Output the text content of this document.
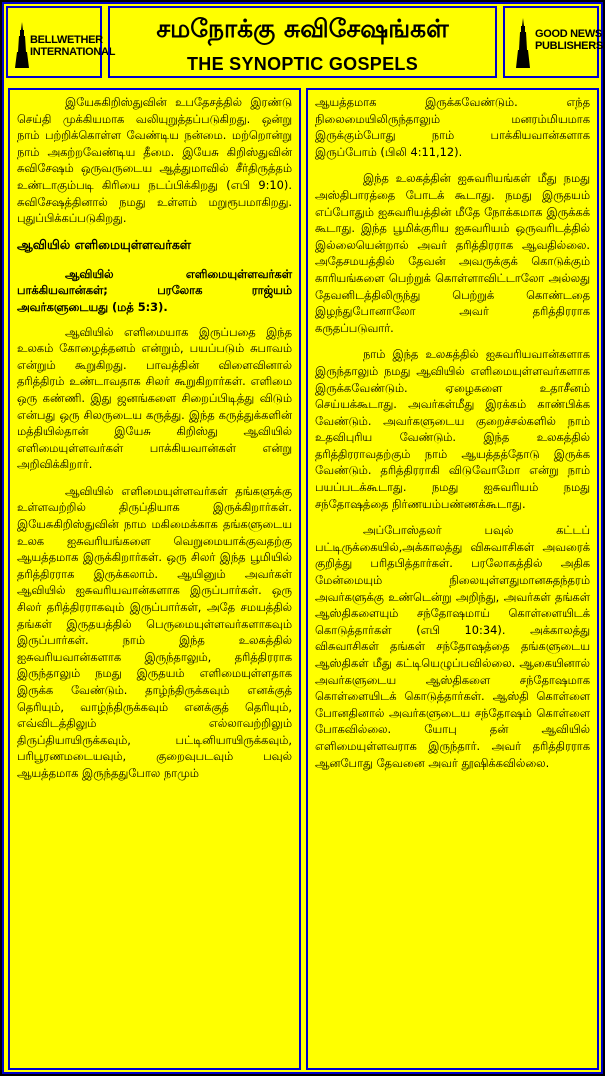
BELLWETHER INTERNATIONAL
சமநோக்கு சுவிசேஷங்கள்
THE SYNOPTIC GOSPELS
GOOD NEWS PUBLISHERS

இயேசுகிறிஸ்துவின் உபதேசத்தில் இரண்டு செய்தி முக்கியமாக வலியுறுத்தப்படுகிறது. ஒன்று நாம் பற்றிக்கொள்ள வேண்டிய நன்மை. மற்றொன்று நாம் அகற்றவேண்டிய தீமை. இயேசு கிறிஸ்துவின் சுவிசேஷம் ஒருவருடைய ஆத்துமாவில் சீர்திருத்தம் உண்டாகும்படி கிரியை நடப்பிக்கிறது (எபி 9:10). சுவிசேஷத்தினால் நமது உள்ளம் மறுரூபமாகிறது. புதுப்பிக்கப்படுகிறது.

ஆவியில் எளிமையுள்ளவர்கள்
ஆவியில் எளிமையுள்ளவர்கள் பாக்கியவான்கள்; பரலோக ராஜ்யம் அவர்களுடையது (மத் 5:3).

ஆவியில் எளிமையாக இருப்பதை இந்த உலகம் கோழைத்தனம் என்றும், பயப்படும் சுபாவம் என்றும் கூறுகிறது. பாவத்தின் விளைவினால் தரித்திரம் உண்டாவதாக சிலர் கூறுகிறார்கள். எளிமை ஒரு கண்ணி. இது ஜனங்களை சிறைப்பிடித்து விடும் என்பது ஒரு சிலருடைய கருத்து. இந்த கருத்துக்களின் மத்தியில்தான் இயேசு கிறிஸ்து ஆவியில் எளிமையுள்ளவர்கள் பாக்கியவான்கள் என்று அறிவிக்கிறார்.

ஆவியில் எளிமையுள்ளவர்கள் தங்களுக்கு உள்ளவற்றில் திருப்தியாக இருக்கிறார்கள். இயேசுகிறிஸ்துவின் நாம மகிமைக்காக தங்களுடைய உலக ஐசுவரியங்களை வெறுமையாக்குவதற்கு ஆயத்தமாக இருக்கிறார்கள். ஒரு சிலர் இந்த பூமியில் தரித்திரராக இருக்கலாம். ஆயினும் அவர்கள் ஆவியில் ஐசுவரியவான்களாக இருப்பார்கள். ஒரு சிலர் தரித்திரராகவும் இருப்பார்கள், அதே சமயத்தில் தங்கள் இருதயத்தில் பெருமையுள்ளவர்களாகவும் இருப்பார்கள். நாம் இந்த உலகத்தில் ஐசுவரியவான்களாக இருந்தாலும், தரித்திரராக இருந்தாலும் நமது இருதயம் எளிமையுள்ளதாக இருக்க வேண்டும். தாழ்ந்திருக்கவும் எனக்குத் தெரியும், வாழ்ந்திருக்கவும் எனக்குத் தெரியும், எவ்விடத்திலும் எல்லாவற்றிலும் திருப்தியாயிருக்கவும், பட்டினியாயிருக்கவும், பரிபூரணமடையவும், குறைவுபடவும் பவுல் ஆயத்தமாக இருந்ததுபோல நாமும்

ஆயத்தமாக இருக்கவேண்டும். எந்த நிலைமையிலிருந்தாலும் மனரம்மியமாக இருக்கும்போது நாம் பாக்கியவான்களாக இருப்போம் (பிலி 4:11,12).

இந்த உலகத்தின் ஐசுவரியங்கள் மீது நமது அஸ்திபாரத்தை போடக் கூடாது. நமது இருதயம் எப்போதும் ஐசுவரியத்தின் மீதே நோக்கமாக இருக்கக் கூடாது. இந்த பூமிக்குரிய ஐசுவரியம் ஒருவரிடத்தில் இல்லையென்றால் அவர் தரித்திரராக ஆவதில்லை. அதேசமயத்தில் தேவன் அவருக்குக் கொடுக்கும் காரியங்களை பெற்றுக் கொள்ளாவிட்டாலோ அல்லது தேவனிடத்திலிருந்து பெற்றுக் கொண்டதை இழந்துபோனாலோ அவர் தரித்திரராக கருதப்படுவார்.

நாம் இந்த உலகத்தில் ஐசுவரியவான்களாக இருந்தாலும் நமது ஆவியில் எளிமையுள்ளவர்களாக இருக்கவேண்டும். ஏழைகளை உதாசீனம் செய்யக்கூடாது. அவர்கள்மீது இரக்கம் காண்பிக்க வேண்டும். அவர்களுடைய குறைச்சல்களில் நாம் உதவிபுரிய வேண்டும். இந்த உலகத்தில் தரித்திரராவதற்கும் நாம் ஆயத்தத்தோடு இருக்க வேண்டும். தரித்திரராகி விடுவோமோ என்று நாம் பயப்படக்கூடாது. நமது ஐசுவரியம் நமது சந்தோஷத்தை நிர்ணயம்பண்ணக்கூடாது.

அப்போஸ்தலர் பவுல் கட்டப் பட்டிருக்கையில்,அக்காலத்து விசுவாசிகள் அவரைக் குறித்து பரிதபித்தார்கள். பரலோகத்தில் அதிக மேன்மையும் நிலையுள்ளதுமானசுதந்தரம் அவர்களுக்கு உண்டென்று அறிந்து, அவர்கள் தங்கள் ஆஸ்திகளையும் சந்தோஷமாய் கொள்ளையிடக் கொடுத்தார்கள் (எபி 10:34). அக்காலத்து விசுவாசிகள் தங்கள் சந்தோஷத்தை தங்களுடைய ஆஸ்திகள் மீது கட்டியெழுப்பவில்லை. ஆகையினால் அவர்களுடைய ஆஸ்திகளை சந்தோஷமாக கொள்ளையிடக் கொடுத்தார்கள். ஆஸ்தி கொள்ளை போனதினால் அவர்களுடைய சந்தோஷம் கொள்ளை போகவில்லை. யோபு தன் ஆவியில் எளிமையுள்ளவராக இருந்தார். அவர் தரித்திரராக ஆனபோது தேவனை அவர் தூஷிக்கவில்லை.
